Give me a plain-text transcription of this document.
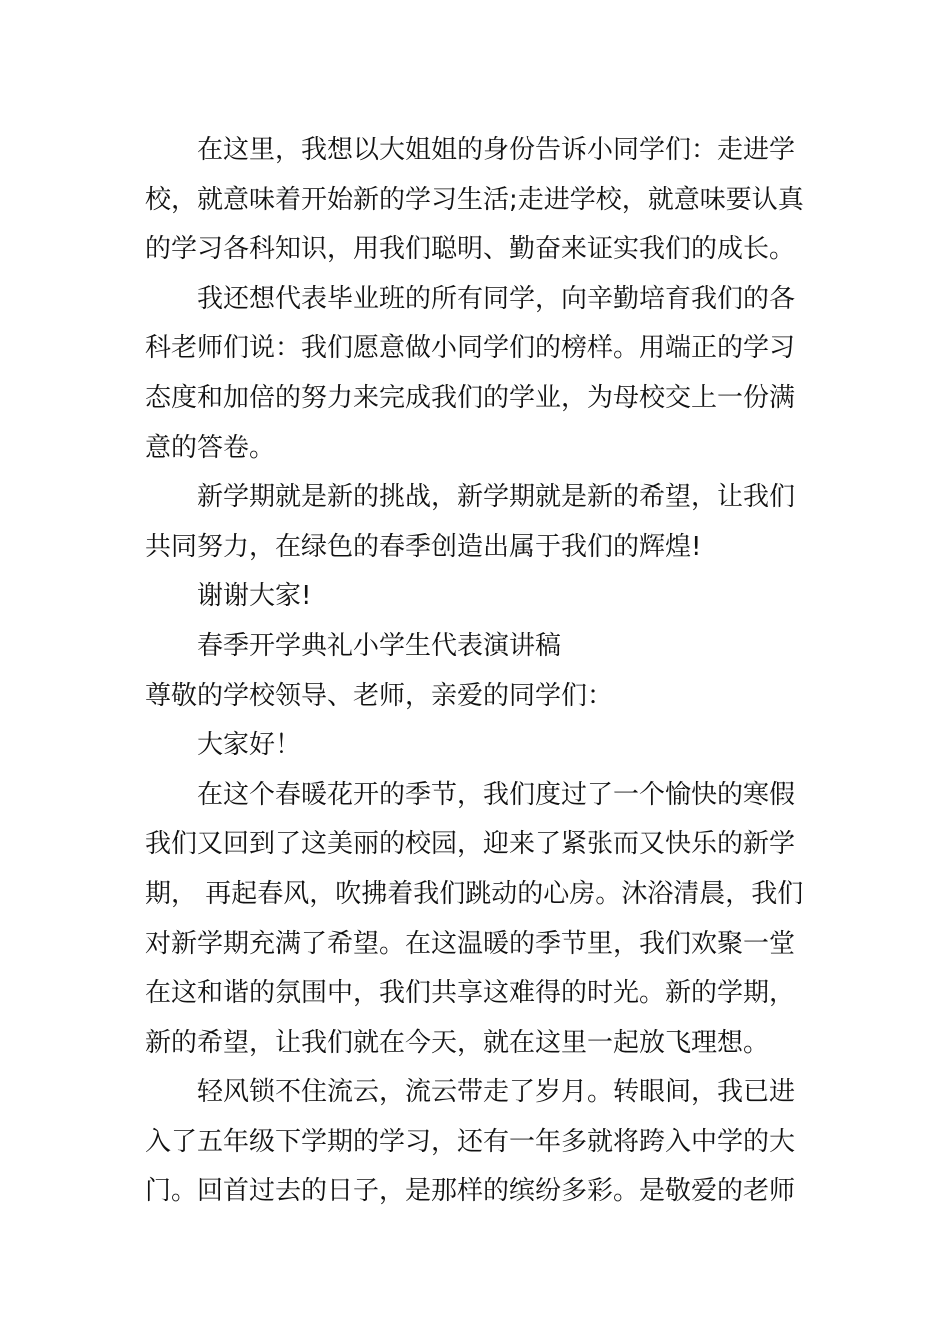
在这里，我想以大姐姐的身份告诉小同学们：走进学
校，就意味着开始新的学习生活;走进学校，就意味要认真
的学习各科知识，用我们聪明、勤奋来证实我们的成长。
我还想代表毕业班的所有同学，向辛勤培育我们的各
科老师们说：我们愿意做小同学们的榜样。用端正的学习
态度和加倍的努力来完成我们的学业，为母校交上一份满
意的答卷。
新学期就是新的挑战，新学期就是新的希望，让我们
共同努力，在绿色的春季创造出属于我们的辉煌!
谢谢大家!
春季开学典礼小学生代表演讲稿
尊敬的学校领导、老师，亲爱的同学们：
大家好！
在这个春暖花开的季节，我们度过了一个愉快的寒假
我们又回到了这美丽的校园，迎来了紧张而又快乐的新学
期， 再起春风，吹拂着我们跳动的心房。沐浴清晨，我们
对新学期充满了希望。在这温暖的季节里，我们欢聚一堂
在这和谐的氛围中，我们共享这难得的时光。新的学期，
新的希望，让我们就在今天，就在这里一起放飞理想。
轻风锁不住流云，流云带走了岁月。转眼间，我已进
入了五年级下学期的学习，还有一年多就将跨入中学的大
门。回首过去的日子，是那样的缤纷多彩。是敬爱的老师
